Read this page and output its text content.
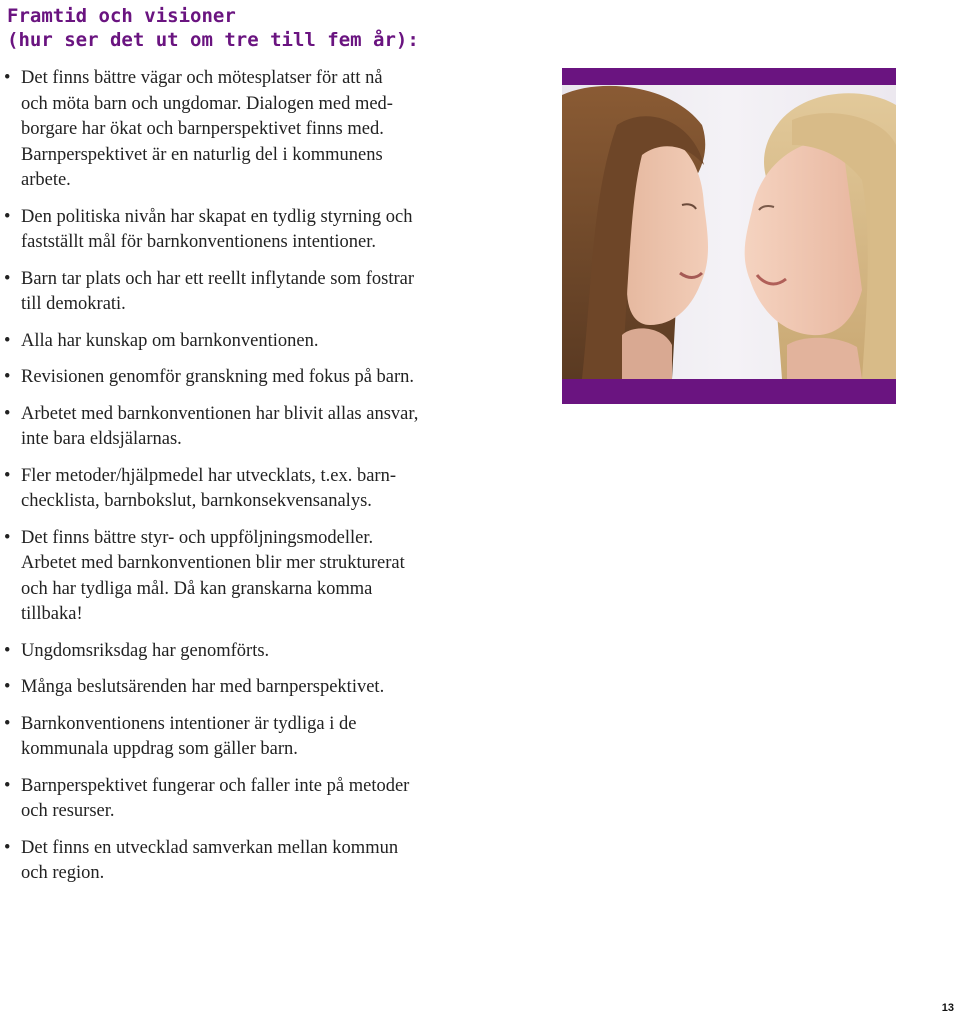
Framtid och visioner
(hur ser det ut om tre till fem år):
• Det finns bättre vägar och mötesplatser för att nå
och möta barn och ungdomar. Dialogen med med-
borgare har ökat och barnperspektivet finns med.
Barnperspektivet är en naturlig del i kommunens
arbete.
• Den politiska nivån har skapat en tydlig styrning och
fastställt mål för barnkonventionens intentioner.
• Barn tar plats och har ett reellt inflytande som fostrar
till demokrati.
• Alla har kunskap om barnkonventionen.
• Revisionen genomför granskning med fokus på barn.
• Arbetet med barnkonventionen har blivit allas ansvar,
inte bara eldsjälarnas.
• Fler metoder/hjälpmedel har utvecklats, t.ex. barn-
checklista, barnbokslut, barnkonsekvensanalys.
• Det finns bättre styr- och uppföljningsmodeller.
Arbetet med barnkonventionen blir mer strukturerat
och har tydliga mål. Då kan granskarna komma
tillbaka!
• Ungdomsriksdag har genomförts.
• Många beslutsärenden har med barnperspektivet.
• Barnkonventionens intentioner är tydliga i de
kommunala uppdrag som gäller barn.
• Barnperspektivet fungerar och faller inte på metoder
och resurser.
• Det finns en utvecklad samverkan mellan kommun
och region.
13
